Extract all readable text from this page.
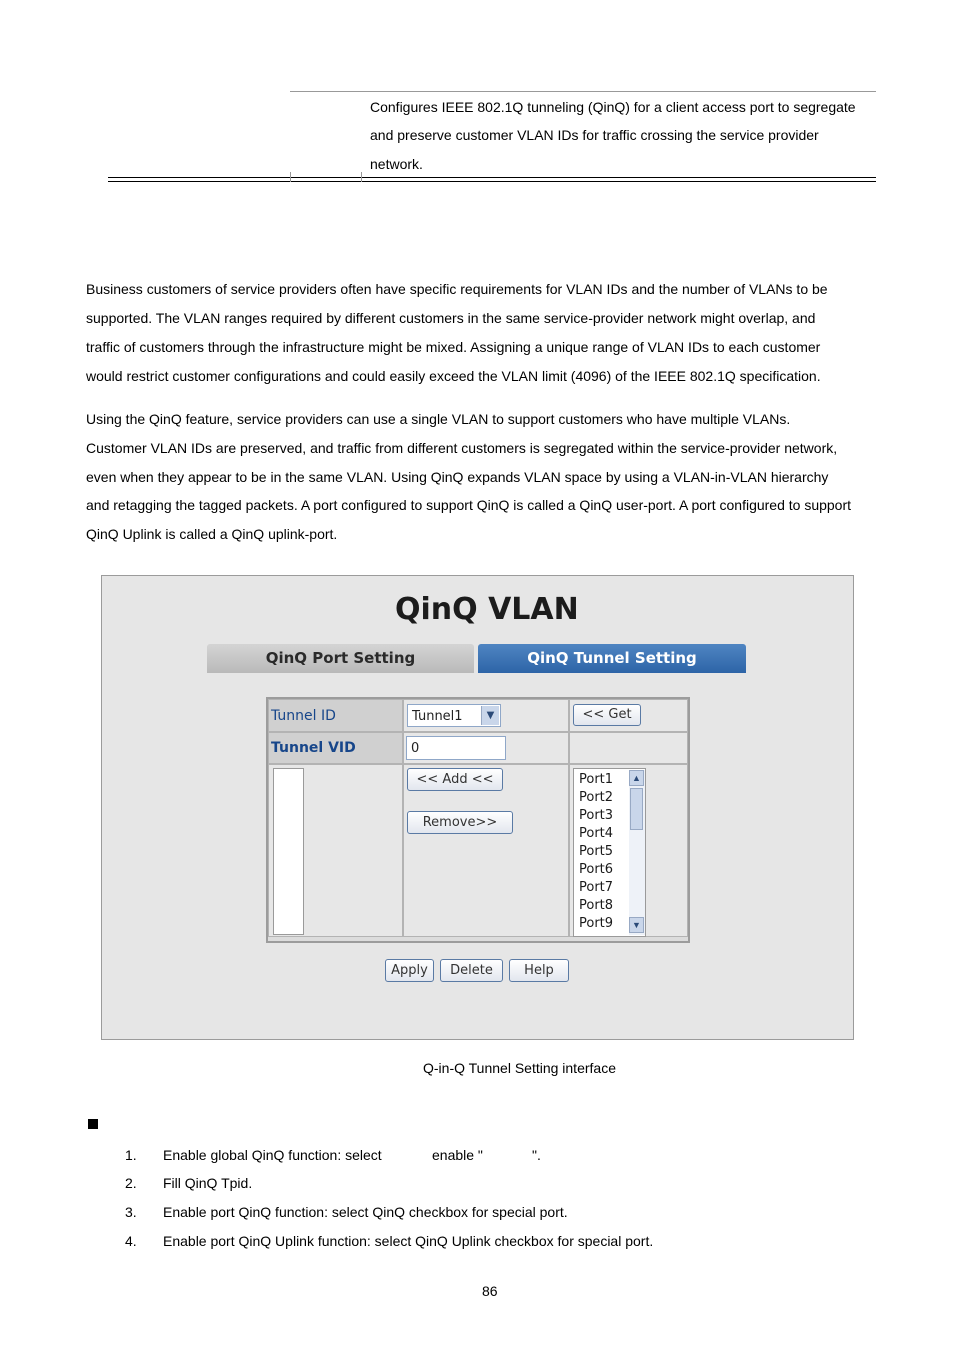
Configures IEEE 802.1Q tunneling (QinQ) for a client access port to segregate
and preserve customer VLAN IDs for traffic crossing the service provider
network.
Business customers of service providers often have specific requirements for VLAN IDs and the number of VLANs to be
supported. The VLAN ranges required by different customers in the same service-provider network might overlap, and
traffic of customers through the infrastructure might be mixed. Assigning a unique range of VLAN IDs to each customer
would restrict customer configurations and could easily exceed the VLAN limit (4096) of the IEEE 802.1Q specification.
Using the QinQ feature, service providers can use a single VLAN to support customers who have multiple VLANs.
Customer VLAN IDs are preserved, and traffic from different customers is segregated within the service-provider network,
even when they appear to be in the same VLAN. Using QinQ expands VLAN space by using a VLAN-in-VLAN hierarchy
and retagging the tagged packets. A port configured to support QinQ is called a QinQ user-port. A port configured to support
QinQ Uplink is called a QinQ uplink-port.
QinQ VLAN
QinQ Port Setting	QinQ Tunnel Setting
Tunnel ID	Tunnel1	▼	<< Get
Tunnel VID	0
<< Add <<
Remove>>
Port1
Port2
Port3
Port4
Port5
Port6
Port7
Port8
Port9
▲
▼
Apply	Delete	Help
Q-in-Q Tunnel Setting interface
1. Enable global QinQ function: select	enable "	".
2. Fill QinQ Tpid.
3. Enable port QinQ function: select QinQ checkbox for special port.
4. Enable port QinQ Uplink function: select QinQ Uplink checkbox for special port.
86
